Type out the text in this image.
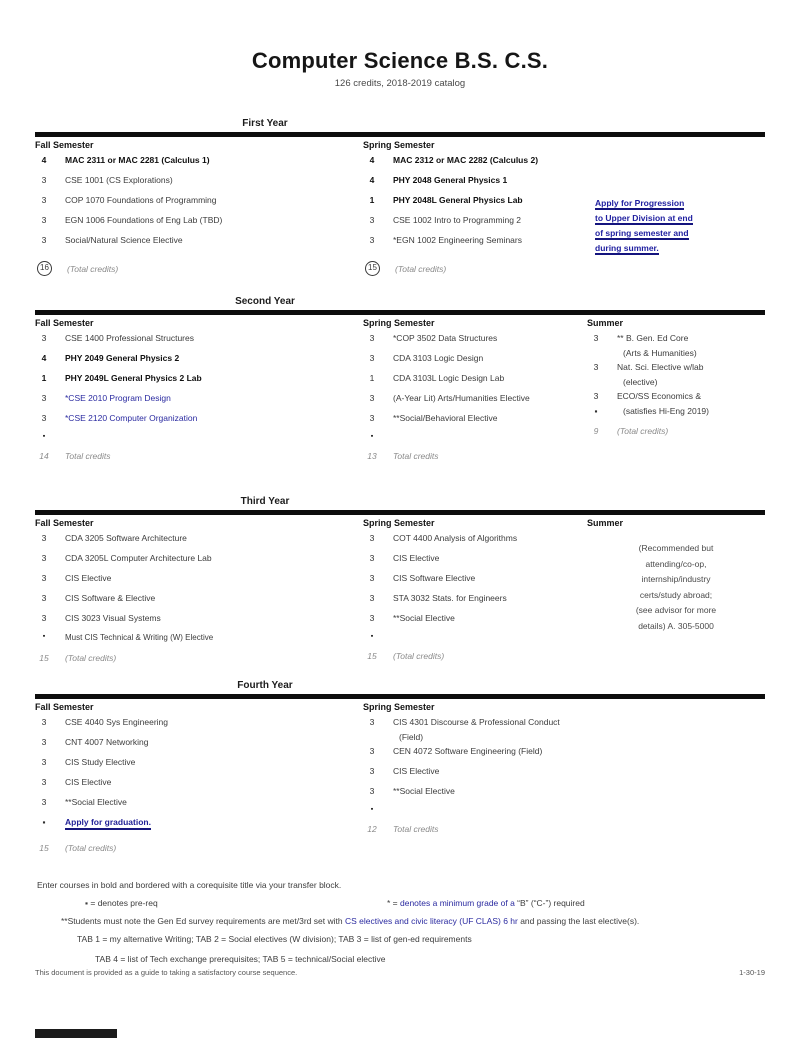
Computer Science B.S. C.S.
126 credits, 2018-2019 catalog
First Year
Fall Semester
4	MAC 2311 or MAC 2281 (Calculus 1)
3	CSE 1001 (CS Explorations)
3	COP 1070 Foundations of Programming
3	EGN 1006 Foundations of Eng Lab (TBD)
3	Social/Natural Science Elective
16	(Total credits)
Spring Semester
4	MAC 2312 or MAC 2282 (Calculus 2)
4	PHY 2048 General Physics 1
1	PHY 2048L General Physics Lab
3	CSE 1002 Intro to Programming 2
3	*EGN 1002 Engineering Seminars
15	(Total credits)
Apply for Progression
to Upper Division at end
of spring semester and
during summer.

Second Year
Fall Semester
3	CSE 1400 Professional Structures
4	PHY 2049 General Physics 2
1	PHY 2049L General Physics 2 Lab
3	*CSE 2010 Program Design
3	*CSE 2120 Computer Organization
▪
14	Total credits
Spring Semester
3	*COP 3502 Data Structures
3	CDA 3103 Logic Design
1	CDA 3103L Logic Design Lab
3	(A-Year Lit) Arts/Humanities Elective
3	**Social/Behavioral Elective
▪
13	Total credits
Summer
3	** B. Gen. Ed Core
(Arts & Humanities)
3	Nat. Sci. Elective w/lab
(elective)
3	ECO/SS Economics &
▪	(satisfies Hi-Eng 2019)
9	(Total credits)
Third Year
Fall Semester
3	CDA 3205 Software Architecture
3	CDA 3205L Computer Architecture Lab
3	CIS Elective
3	CIS Software & Elective
3	CIS 3023 Visual Systems
▪	Must CIS Technical & Writing (W) Elective
15	(Total credits)
Spring Semester
3	COT 4400 Analysis of Algorithms
3	CIS Elective
3	CIS Software Elective
3	STA 3032 Stats. for Engineers
3	**Social Elective
▪
15	(Total credits)
Summer
(Recommended but
attending/co-op,
internship/industry
certs/study abroad;
(see advisor for more
details) A. 305-5000
Fourth Year
Fall Semester
3	CSE 4040 Sys Engineering
3	CNT 4007 Networking
3	CIS Study Elective
3	CIS Elective
3	**Social Elective
▪	Apply for graduation.
15	(Total credits)
Spring Semester
3	CIS 4301 Discourse & Professional Conduct
(Field)
3	CEN 4072 Software Engineering (Field)
3	CIS Elective
3	**Social Elective
▪
12	Total credits
Enter courses in bold and bordered with a corequisite title via your transfer block.
▪ = denotes pre-req	* = denotes a minimum grade of a “B” (“C-”) required
**Students must note the Gen Ed survey requirements are met/3rd set with CS electives and civic literacy (UF CLAS) 6 hr and passing the last elective(s).
TAB 1 = my alternative Writing; TAB 2 = Social electives (W division); TAB 3 = list of gen-ed requirements
TAB 4 = list of Tech exchange prerequisites; TAB 5 = technical/Social elective
This document is provided as a guide to taking a satisfactory course sequence.	1-30-19
